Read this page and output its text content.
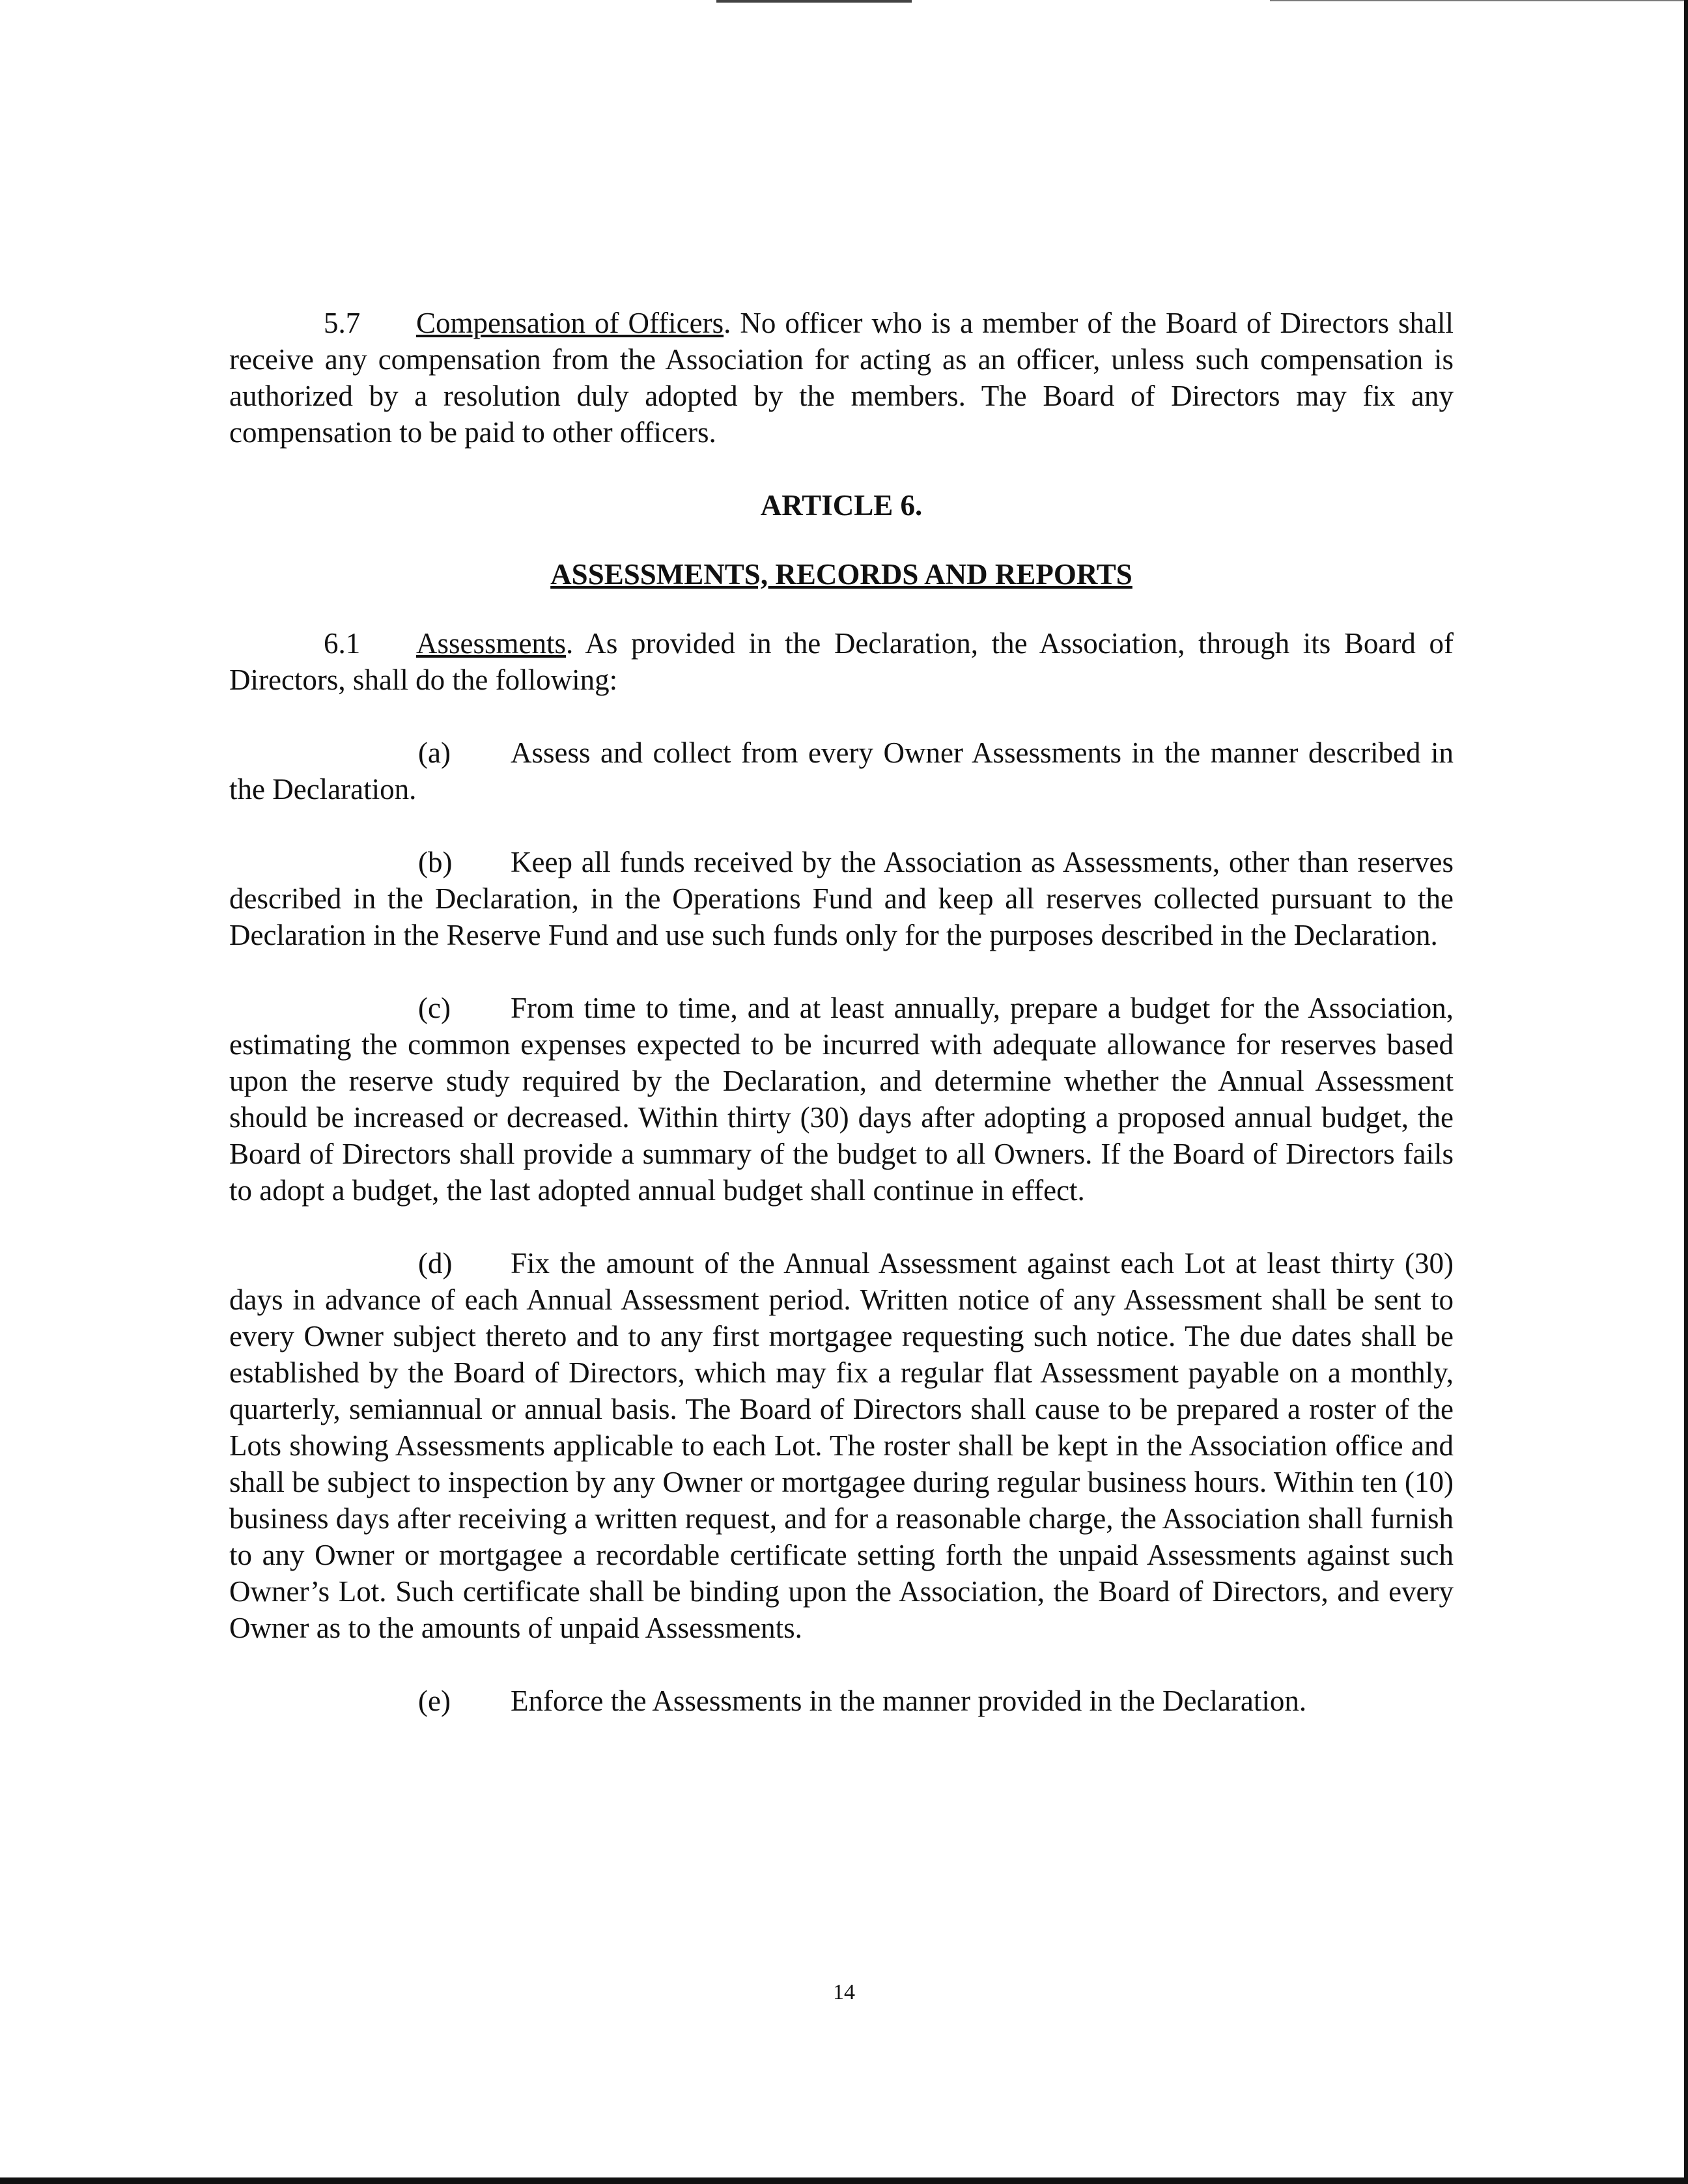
5.7 Compensation of Officers. No officer who is a member of the Board of Directors shall receive any compensation from the Association for acting as an officer, unless such compensation is authorized by a resolution duly adopted by the members. The Board of Directors may fix any compensation to be paid to other officers.

ARTICLE 6.

ASSESSMENTS, RECORDS AND REPORTS

6.1 Assessments. As provided in the Declaration, the Association, through its Board of Directors, shall do the following:

(a) Assess and collect from every Owner Assessments in the manner described in the Declaration.

(b) Keep all funds received by the Association as Assessments, other than reserves described in the Declaration, in the Operations Fund and keep all reserves collected pursuant to the Declaration in the Reserve Fund and use such funds only for the purposes described in the Declaration.

(c) From time to time, and at least annually, prepare a budget for the Association, estimating the common expenses expected to be incurred with adequate allowance for reserves based upon the reserve study required by the Declaration, and determine whether the Annual Assessment should be increased or decreased. Within thirty (30) days after adopting a proposed annual budget, the Board of Directors shall provide a summary of the budget to all Owners. If the Board of Directors fails to adopt a budget, the last adopted annual budget shall continue in effect.

(d) Fix the amount of the Annual Assessment against each Lot at least thirty (30) days in advance of each Annual Assessment period. Written notice of any Assessment shall be sent to every Owner subject thereto and to any first mortgagee requesting such notice. The due dates shall be established by the Board of Directors, which may fix a regular flat Assessment payable on a monthly, quarterly, semiannual or annual basis. The Board of Directors shall cause to be prepared a roster of the Lots showing Assessments applicable to each Lot. The roster shall be kept in the Association office and shall be subject to inspection by any Owner or mortgagee during regular business hours. Within ten (10) business days after receiving a written request, and for a reasonable charge, the Association shall furnish to any Owner or mortgagee a recordable certificate setting forth the unpaid Assessments against such Owner’s Lot. Such certificate shall be binding upon the Association, the Board of Directors, and every Owner as to the amounts of unpaid Assessments.

(e) Enforce the Assessments in the manner provided in the Declaration.

14
